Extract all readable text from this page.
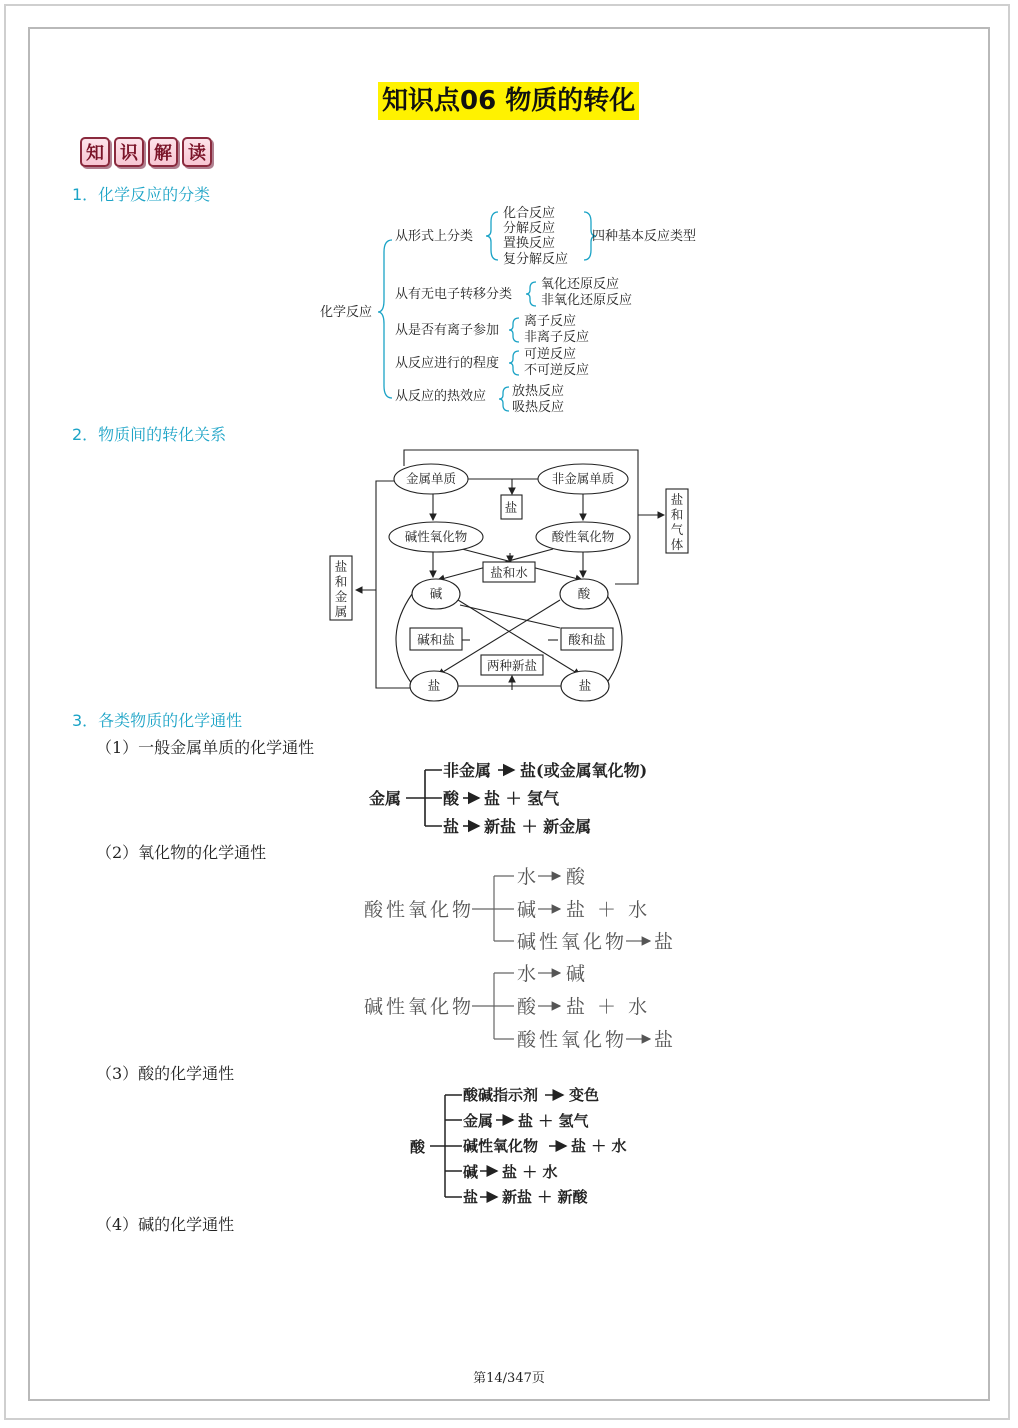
知识点06 物质的转化
知 识 解 读
1．化学反应的分类
2．物质间的转化关系
3．各类物质的化学通性
（1）一般金属单质的化学通性
（2）氧化物的化学通性
（3）酸的化学通性
（4）碱的化学通性
化学反应
从形式上分类
化合反应
分解反应
置换反应
复分解反应
四种基本反应类型
从有无电子转移分类
氧化还原反应
非氧化还原反应
从是否有离子参加
离子反应
非离子反应
从反应进行的程度
可逆反应
不可逆反应
从反应的热效应 放热反应
吸热反应
金属单质	非金属单质
碱性氧化物	酸性氧化物
碱	酸
盐	盐
盐
盐和水
碱和盐	酸和盐
两种新盐
盐
和
金
属
盐
和
气
体
金属
非金属 盐(或金属氧化物)
酸 盐 ＋ 氢气
盐 新盐 ＋ 新金属
酸性氧化物
水 酸
碱 盐 ＋ 水
碱性氧化物 盐
碱性氧化物
水 碱
酸 盐 ＋ 水
酸性氧化物 盐
酸
酸碱指示剂 变色
金属 盐 ＋ 氢气
碱性氧化物 盐 ＋ 水
碱 盐 ＋ 水
盐 新盐 ＋ 新酸
第14/347页
